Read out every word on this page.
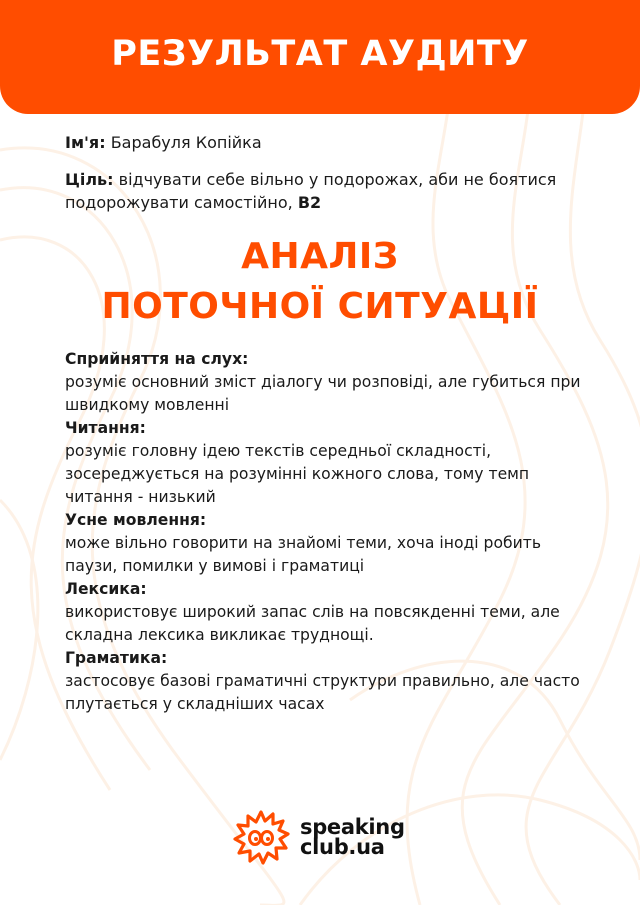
РЕЗУЛЬТАТ АУДИТУ
Ім'я: Барабуля Копійка
Ціль: відчувати себе вільно у подорожах, аби не боятися подорожувати самостійно, B2
АНАЛІЗ
ПОТОЧНОЇ СИТУАЦІЇ
Сприйняття на слух:
розуміє основний зміст діалогу чи розповіді, але губиться при швидкому мовленні
Читання:
розуміє головну ідею текстів середньої складності, зосереджується на розумінні кожного слова, тому темп читання - низький
Усне мовлення:
може вільно говорити на знайомі теми, хоча іноді робить паузи, помилки у вимові і граматиці
Лексика:
використовує широкий запас слів на повсякденні теми, але складна лексика викликає труднощі.
Граматика:
застосовує базові граматичні структури правильно, але часто плутається у складніших часах
speaking
club.ua
